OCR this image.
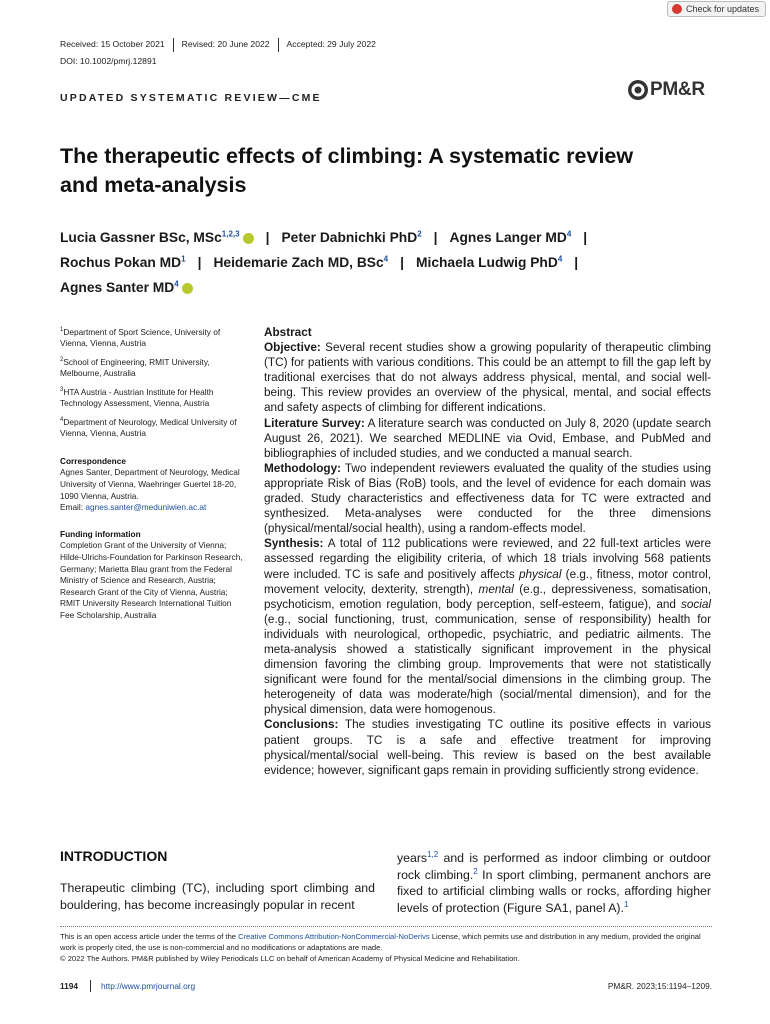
Check for updates
Received: 15 October 2021 Revised: 20 June 2022 Accepted: 29 July 2022
DOI: 10.1002/pmrj.12891
UPDATED SYSTEMATIC REVIEW—CME	PM&R
The therapeutic effects of climbing: A systematic review
and meta-analysis
Lucia Gassner BSc, MSc$^{1,2,3}$ | Peter Dabnichki PhD$^2$ | Agnes Langer $MD^4$ |
Rochus Pokan $MD^1$ | Heidemarie Zach MD, BSc$^4$ | Michaela Ludwig PhD$^4$ |
Agnes Santer $MD^4$
$^1$Department of Sport Science, University of Vienna, Vienna, Austria
$^2$School of Engineering, RMIT University, Melbourne, Australia
$^3$HTA Austria - Austrian Institute for Health Technology Assessment, Vienna, Austria
$^4$Department of Neurology, Medical University of Vienna, Vienna, Austria
Correspondence
Agnes Santer, Department of Neurology, Medical University of Vienna, Waehringer Guertel 18-20, 1090 Vienna, Austria.
Email: agnes.santer@meduniwien.ac.at
Funding information
Completion Grant of the University of Vienna; Hilde-Ulrichs-Foundation for Parkinson Research, Germany; Marietta Blau grant from the Federal Ministry of Science and Research, Austria; Research Grant of the City of Vienna, Austria; RMIT University Research International Tuition Fee Scholarship, Australia
Abstract
Objective: Several recent studies show a growing popularity of therapeutic climbing (TC) for patients with various conditions. This could be an attempt to fill the gap left by traditional exercises that do not always address physical, mental, and social well-being. This review provides an overview of the physical, mental, and social effects and safety aspects of climbing for different indications.
Literature Survey: A literature search was conducted on July 8, 2020 (update search August 26, 2021). We searched MEDLINE via Ovid, Embase, and PubMed and bibliographies of included studies, and we conducted a manual search.
Methodology: Two independent reviewers evaluated the quality of the studies using appropriate Risk of Bias (RoB) tools, and the level of evidence for each domain was graded. Study characteristics and effectiveness data for TC were extracted and synthesized. Meta-analyses were conducted for the three dimensions (physical/mental/social health), using a random-effects model.
Synthesis: A total of 112 publications were reviewed, and 22 full-text articles were assessed regarding the eligibility criteria, of which 18 trials involving 568 patients were included. TC is safe and positively affects physical (e.g., fitness, motor control, movement velocity, dexterity, strength), mental (e.g., depressiveness, somatisation, psychoticism, emotion regulation, body perception, self-esteem, fatigue), and social (e.g., social functioning, trust, communication, sense of responsibility) health for individuals with neurological, orthopedic, psychiatric, and pediatric ailments. The meta-analysis showed a statistically significant improvement in the physical dimension favoring the climbing group. Improvements that were not statistically significant were found for the mental/social dimensions in the climbing group. The heterogeneity of data was moderate/high (social/mental dimension), and for the physical dimension, data were homogenous.
Conclusions: The studies investigating TC outline its positive effects in various patient groups. TC is a safe and effective treatment for improving physical/mental/social well-being. This review is based on the best available evidence; however, significant gaps remain in providing sufficiently strong evidence.
INTRODUCTION
Therapeutic climbing (TC), including sport climbing and bouldering, has become increasingly popular in recent
years$^{1,2}$ and is performed as indoor climbing or outdoor rock climbing.$^2$ In sport climbing, permanent anchors are fixed to artificial climbing walls or rocks, affording higher levels of protection (Figure SA1, panel A).$^1$
This is an open access article under the terms of the Creative Commons Attribution-NonCommercial-NoDerivs License, which permits use and distribution in any medium, provided the original work is properly cited, the use is non-commercial and no modifications or adaptations are made.
© 2022 The Authors. PM&R published by Wiley Periodicals LLC on behalf of American Academy of Physical Medicine and Rehabilitation.
1194	http://www.pmrjournal.org	PM&R. 2023;15:1194–1209.
